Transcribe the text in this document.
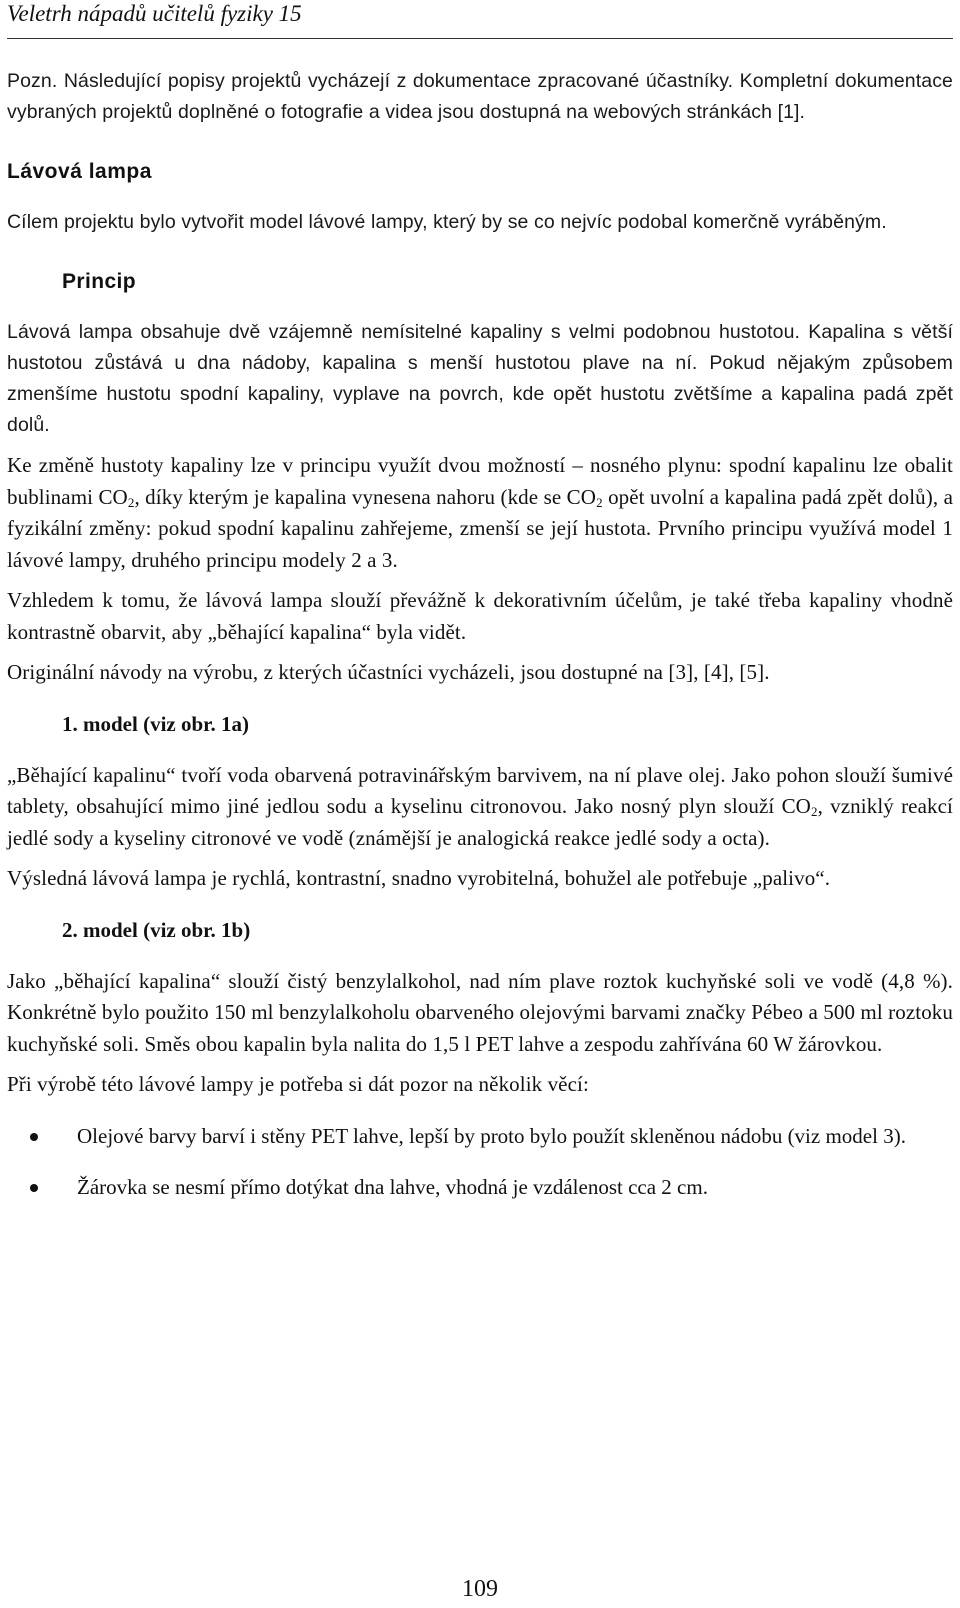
Veletrh nápadů učitelů fyziky 15

Pozn. Následující popisy projektů vycházejí z dokumentace zpracované účastníky. Kompletní dokumentace vybraných projektů doplněné o fotografie a videa jsou dostupná na webových stránkách [1].

Lávová lampa

Cílem projektu bylo vytvořit model lávové lampy, který by se co nejvíc podobal komerčně vyráběným.

Princip

Lávová lampa obsahuje dvě vzájemně nemísitelné kapaliny s velmi podobnou hustotou. Kapalina s větší hustotou zůstává u dna nádoby, kapalina s menší hustotou plave na ní. Pokud nějakým způsobem zmenšíme hustotu spodní kapaliny, vyplave na povrch, kde opět hustotu zvětšíme a kapalina padá zpět dolů.

Ke změně hustoty kapaliny lze v principu využít dvou možností – nosného plynu: spodní kapalinu lze obalit bublinami $CO_2$, díky kterým je kapalina vynesena nahoru (kde se $CO_2$ opět uvolní a kapalina padá zpět dolů), a fyzikální změny: pokud spodní kapalinu zahřejeme, zmenší se její hustota. Prvního principu využívá model 1 lávové lampy, druhého principu modely 2 a 3.

Vzhledem k tomu, že lávová lampa slouží převážně k dekorativním účelům, je také třeba kapaliny vhodně kontrastně obarvit, aby „běhající kapalina“ byla vidět.

Originální návody na výrobu, z kterých účastníci vycházeli, jsou dostupné na [3], [4], [5].

1. model (viz obr. 1a)

„Běhající kapalinu“ tvoří voda obarvená potravinářským barvivem, na ní plave olej. Jako pohon slouží šumivé tablety, obsahující mimo jiné jedlou sodu a kyselinu citronovou. Jako nosný plyn slouží $CO_2$, vzniklý reakcí jedlé sody a kyseliny citronové ve vodě (známější je analogická reakce jedlé sody a octa).

Výsledná lávová lampa je rychlá, kontrastní, snadno vyrobitelná, bohužel ale potřebuje „palivo“.

2. model (viz obr. 1b)

Jako „běhající kapalina“ slouží čistý benzylalkohol, nad ním plave roztok kuchyňské soli ve vodě (4,8 %). Konkrétně bylo použito 150 ml benzylalkoholu obarveného olejovými barvami značky Pébeo a 500 ml roztoku kuchyňské soli. Směs obou kapalin byla nalita do 1,5 l PET lahve a zespodu zahřívána 60 W žárovkou.

Při výrobě této lávové lampy je potřeba si dát pozor na několik věcí:

Olejové barvy barví i stěny PET lahve, lepší by proto bylo použít skleněnou nádobu (viz model 3).
Žárovka se nesmí přímo dotýkat dna lahve, vhodná je vzdálenost cca 2 cm.
109
